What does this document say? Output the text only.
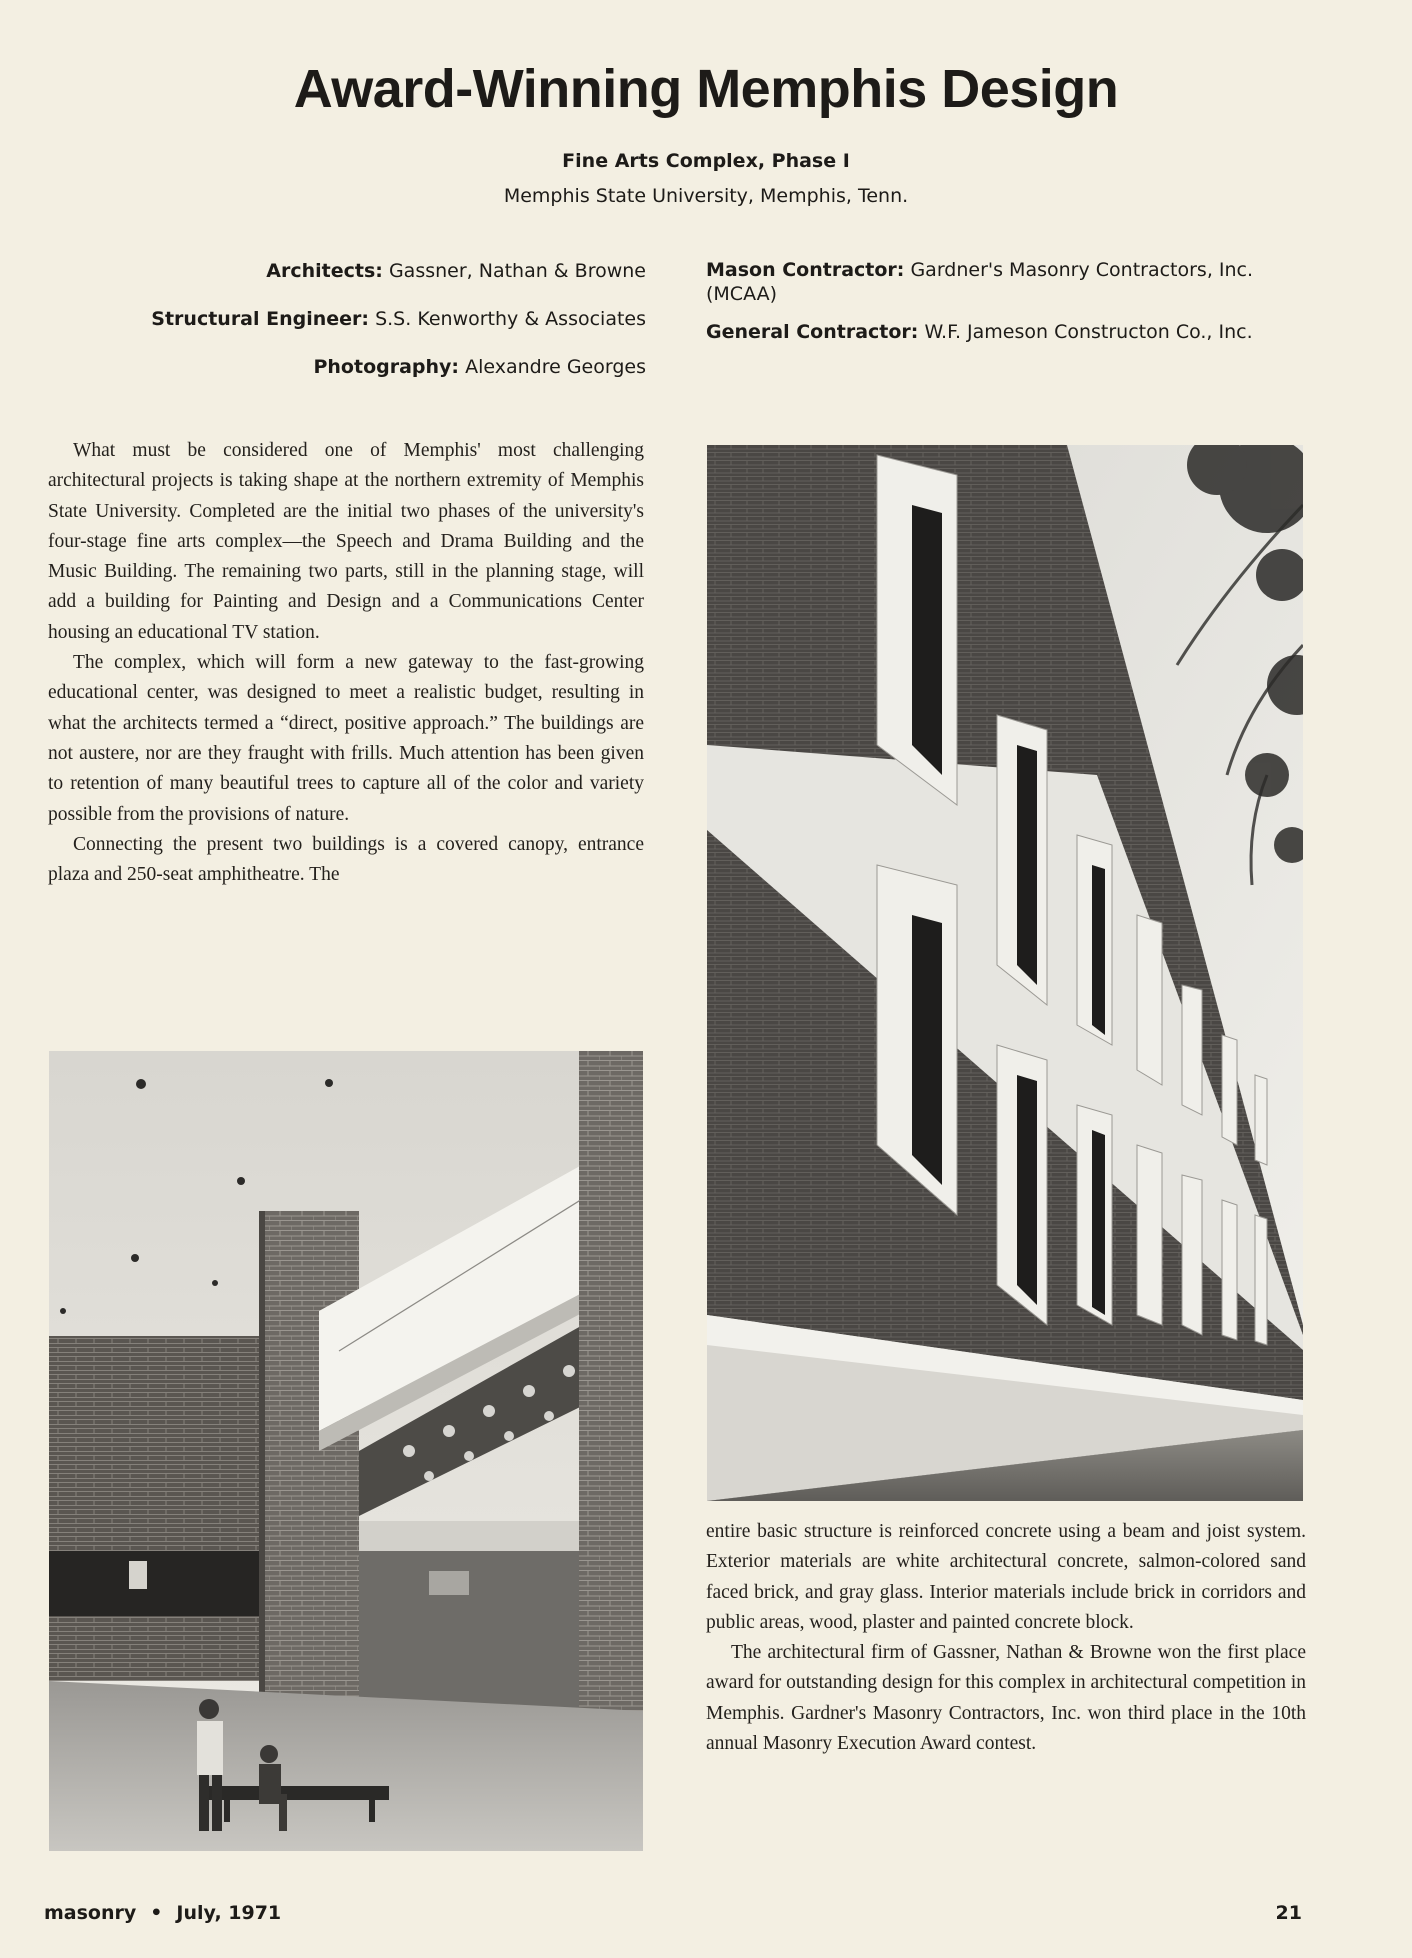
Award-Winning Memphis Design
Fine Arts Complex, Phase I
Memphis State University, Memphis, Tenn.
Architects: Gassner, Nathan & Browne
Structural Engineer: S.S. Kenworthy & Associates
Photography: Alexandre Georges
Mason Contractor: Gardner's Masonry Contractors, Inc. (MCAA)
General Contractor: W.F. Jameson Constructon Co., Inc.

What must be considered one of Memphis' most challenging architectural projects is taking shape at the northern extremity of Memphis State University. Completed are the initial two phases of the university's four-stage fine arts complex—the Speech and Drama Building and the Music Building. The remaining two parts, still in the planning stage, will add a building for Painting and Design and a Communications Center housing an educational TV station.

The complex, which will form a new gateway to the fast-growing educational center, was designed to meet a realistic budget, resulting in what the architects termed a “direct, positive approach.” The buildings are not austere, nor are they fraught with frills. Much attention has been given to retention of many beautiful trees to capture all of the color and variety possible from the provisions of nature.

Connecting the present two buildings is a covered canopy, entrance plaza and 250-seat amphitheatre. The

entire basic structure is reinforced concrete using a beam and joist system. Exterior materials are white architectural concrete, salmon-colored sand faced brick, and gray glass. Interior materials include brick in corridors and public areas, wood, plaster and painted concrete block.

The architectural firm of Gassner, Nathan & Browne won the first place award for outstanding design for this complex in architectural competition in Memphis. Gardner's Masonry Contractors, Inc. won third place in the 10th annual Masonry Execution Award contest.

masonry • July, 1971	21
